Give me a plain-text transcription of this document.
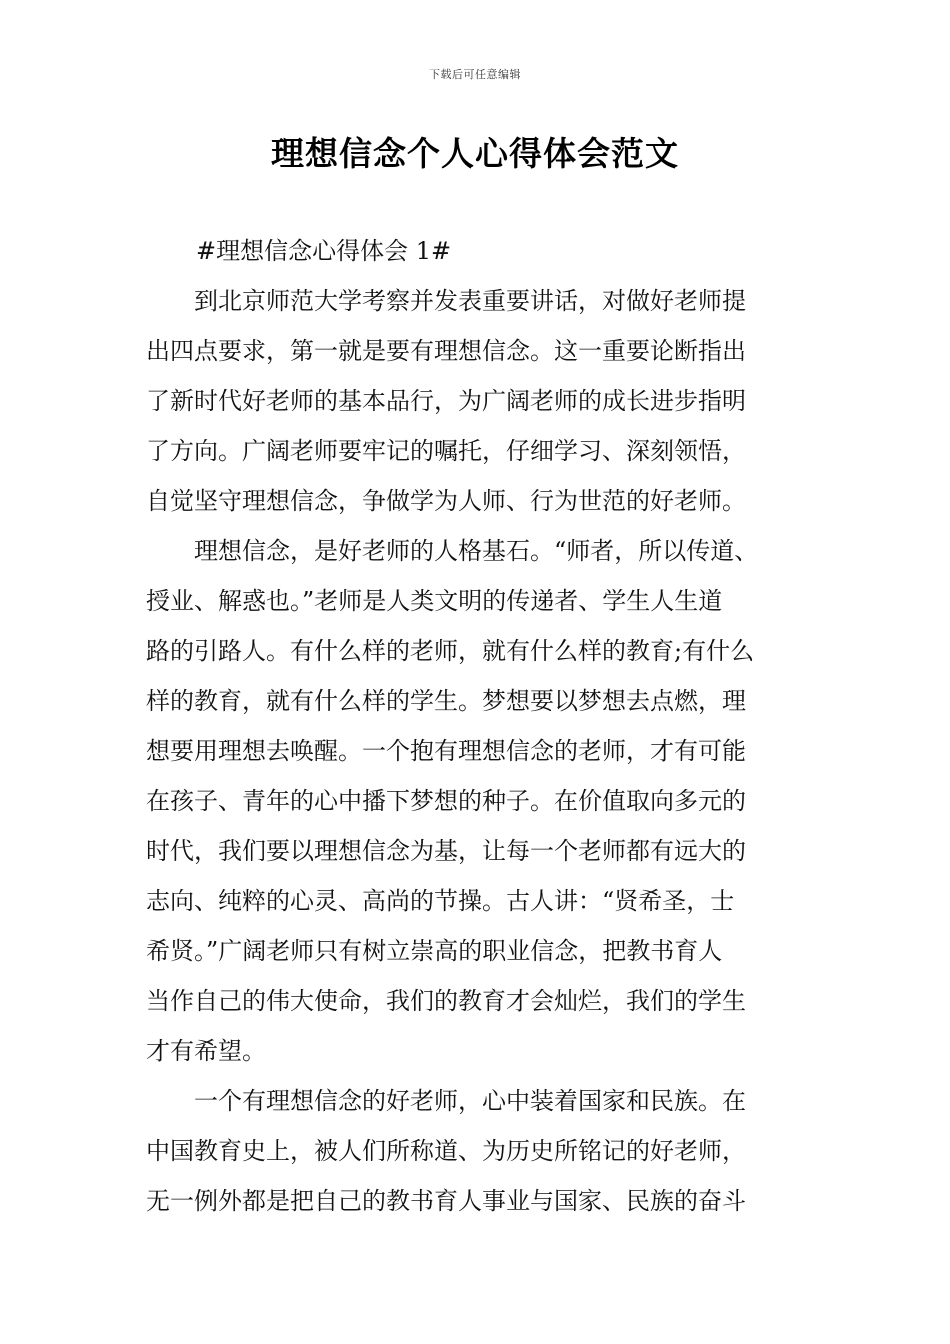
下载后可任意编辑
理想信念个人心得体会范文
#理想信念心得体会 1#
　　到北京师范大学考察并发表重要讲话，对做好老师提
出四点要求，第一就是要有理想信念。这一重要论断指出
了新时代好老师的基本品行，为广阔老师的成长进步指明
了方向。广阔老师要牢记的嘱托，仔细学习、深刻领悟，
自觉坚守理想信念，争做学为人师、行为世范的好老师。
　　理想信念，是好老师的人格基石。“师者，所以传道、
授业、解惑也。”老师是人类文明的传递者、学生人生道
路的引路人。有什么样的老师，就有什么样的教育;有什么
样的教育，就有什么样的学生。梦想要以梦想去点燃，理
想要用理想去唤醒。一个抱有理想信念的老师，才有可能
在孩子、青年的心中播下梦想的种子。在价值取向多元的
时代，我们要以理想信念为基，让每一个老师都有远大的
志向、纯粹的心灵、高尚的节操。古人讲：“贤希圣，士
希贤。”广阔老师只有树立崇高的职业信念，把教书育人
当作自己的伟大使命，我们的教育才会灿烂，我们的学生
才有希望。
　　一个有理想信念的好老师，心中装着国家和民族。在
中国教育史上，被人们所称道、为历史所铭记的好老师，
无一例外都是把自己的教书育人事业与国家、民族的奋斗
